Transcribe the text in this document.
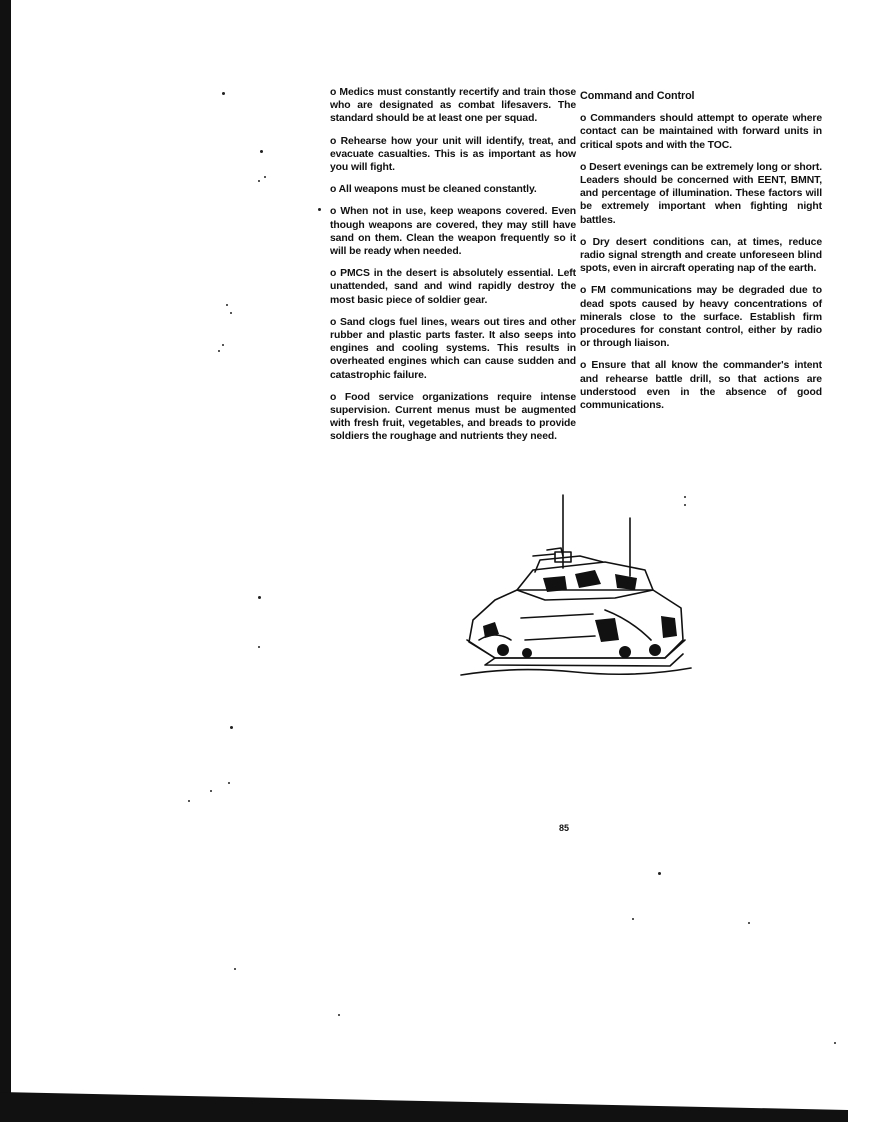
o Medics must constantly recertify and train those who are designated as combat lifesavers. The standard should be at least one per squad.

o Rehearse how your unit will identify, treat, and evacuate casualties. This is as important as how you will fight.

o All weapons must be cleaned constantly.

o When not in use, keep weapons covered. Even though weapons are covered, they may still have sand on them. Clean the weapon frequently so it will be ready when needed.

o PMCS in the desert is absolutely essential. Left unattended, sand and wind rapidly destroy the most basic piece of soldier gear.

o Sand clogs fuel lines, wears out tires and other rubber and plastic parts faster. It also seeps into engines and cooling systems. This results in overheated engines which can cause sudden and catastrophic failure.

o Food service organizations require intense supervision. Current menus must be augmented with fresh fruit, vegetables, and breads to provide soldiers the roughage and nutrients they need.

Command and Control

o Commanders should attempt to operate where contact can be maintained with forward units in critical spots and with the TOC.

o Desert evenings can be extremely long or short. Leaders should be concerned with EENT, BMNT, and percentage of illumination. These factors will be extremely important when fighting night battles.

o Dry desert conditions can, at times, reduce radio signal strength and create unforeseen blind spots, even in aircraft operating nap of the earth.

o FM communications may be degraded due to dead spots caused by heavy concentrations of minerals close to the surface. Establish firm procedures for constant control, either by radio or through liaison.

o Ensure that all know the commander's intent and rehearse battle drill, so that actions are understood even in the absence of good communications.

85
